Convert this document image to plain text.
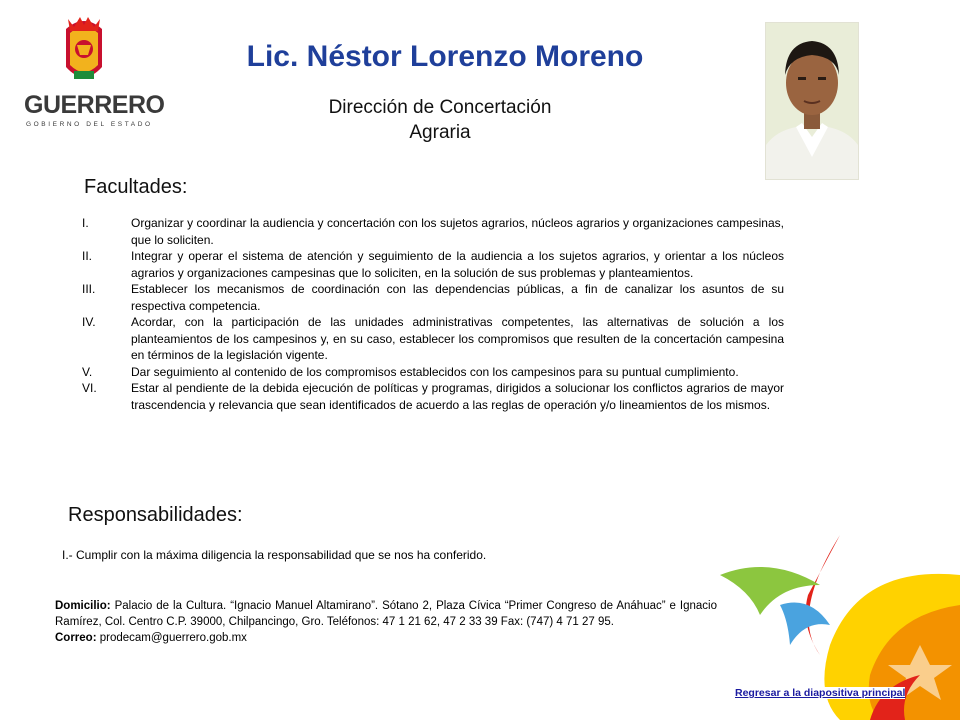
GUERRERO
GOBIERNO DEL ESTADO
Lic. Néstor Lorenzo Moreno
Dirección de Concertación
Agraria
Facultades:
I.	Organizar y coordinar la audiencia y concertación con los sujetos agrarios, núcleos agrarios y organizaciones campesinas, que lo soliciten.
II.	Integrar y operar el sistema de atención y seguimiento de la audiencia a los sujetos agrarios, y orientar a los núcleos agrarios y organizaciones campesinas que lo soliciten, en la solución de sus problemas y planteamientos.
III.	Establecer los mecanismos de coordinación con las dependencias públicas, a fin de canalizar los asuntos de su respectiva competencia.
IV.	Acordar, con la participación de las unidades administrativas competentes, las alternativas de solución a los planteamientos de los campesinos y, en su caso, establecer los compromisos que resulten de la concertación campesina en términos de la legislación vigente.
V.	Dar seguimiento al contenido de los compromisos establecidos con los campesinos para su puntual cumplimiento.
VI.	Estar al pendiente de la debida ejecución de políticas y programas, dirigidos a solucionar los conflictos agrarios de mayor trascendencia y relevancia que sean identificados de acuerdo a las reglas de operación y/o lineamientos de los mismos.
Responsabilidades:
I.- Cumplir con la máxima diligencia la responsabilidad que se nos ha conferido.
Domicilio: Palacio de la Cultura. “Ignacio Manuel Altamirano”. Sótano 2, Plaza Cívica “Primer Congreso de Anáhuac” e Ignacio Ramírez, Col. Centro C.P. 39000, Chilpancingo, Gro. Teléfonos: 47 1 21 62, 47 2 33 39 Fax: (747) 4 71 27 95.
Correo: prodecam@guerrero.gob.mx
Regresar a la diapositiva principal
